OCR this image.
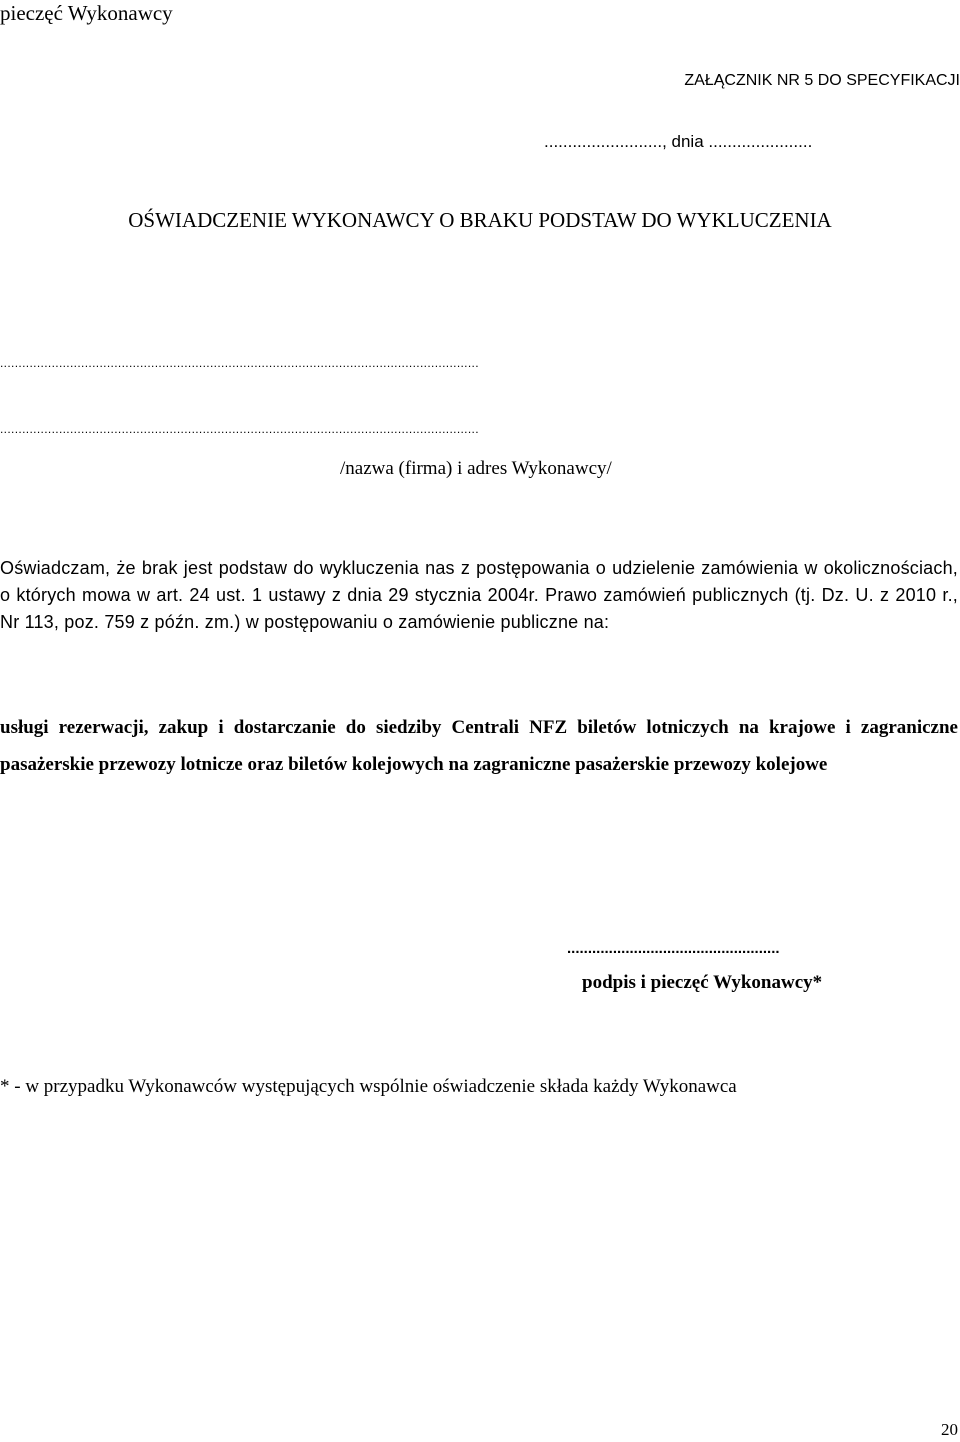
pieczęć Wykonawcy

ZAŁĄCZNIK NR 5 DO SPECYFIKACJI

........................., dnia ......................

OŚWIADCZENIE WYKONAWCY O BRAKU PODSTAW DO WYKLUCZENIA

..................................................................................................................................

..................................................................................................................................

/nazwa (firma) i adres Wykonawcy/

Oświadczam, że brak jest podstaw do wykluczenia nas z postępowania o udzielenie zamówienia w okolicznościach, o których mowa w art. 24 ust. 1 ustawy z dnia 29 stycznia 2004r. Prawo zamówień publicznych (tj. Dz. U. z 2010 r., Nr 113, poz. 759 z późn. zm.) w postępowaniu o zamówienie publiczne na:

usługi rezerwacji, zakup i dostarczanie do siedziby Centrali NFZ biletów lotniczych na krajowe i zagraniczne pasażerskie przewozy lotnicze oraz biletów kolejowych na zagraniczne pasażerskie przewozy kolejowe

...................................................

podpis i pieczęć Wykonawcy*

* - w przypadku Wykonawców występujących wspólnie oświadczenie składa każdy Wykonawca

20
